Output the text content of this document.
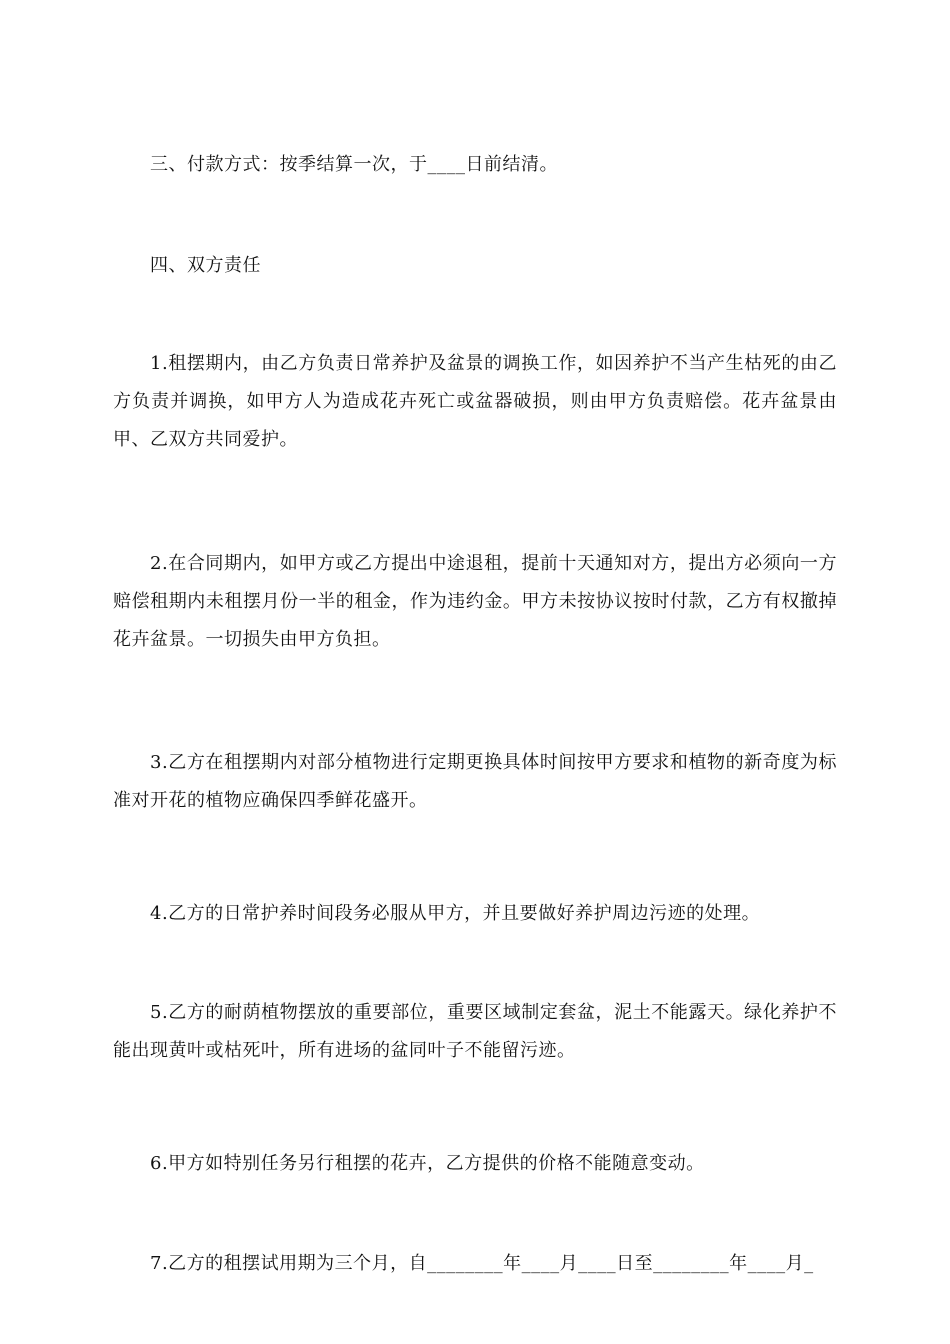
三、付款方式：按季结算一次，于____日前结清。

四、双方责任

1.租摆期内，由乙方负责日常养护及盆景的调换工作，如因养护不当产生枯死的由乙方负责并调换，如甲方人为造成花卉死亡或盆器破损，则由甲方负责赔偿。花卉盆景由甲、乙双方共同爱护。

2.在合同期内，如甲方或乙方提出中途退租，提前十天通知对方，提出方必须向一方赔偿租期内未租摆月份一半的租金，作为违约金。甲方未按协议按时付款，乙方有权撤掉花卉盆景。一切损失由甲方负担。

3.乙方在租摆期内对部分植物进行定期更换具体时间按甲方要求和植物的新奇度为标准对开花的植物应确保四季鲜花盛开。

4.乙方的日常护养时间段务必服从甲方，并且要做好养护周边污迹的处理。

5.乙方的耐荫植物摆放的重要部位，重要区域制定套盆，泥土不能露天。绿化养护不能出现黄叶或枯死叶，所有进场的盆同叶子不能留污迹。

6.甲方如特别任务另行租摆的花卉，乙方提供的价格不能随意变动。

7.乙方的租摆试用期为三个月，自________年____月____日至________年____月_
